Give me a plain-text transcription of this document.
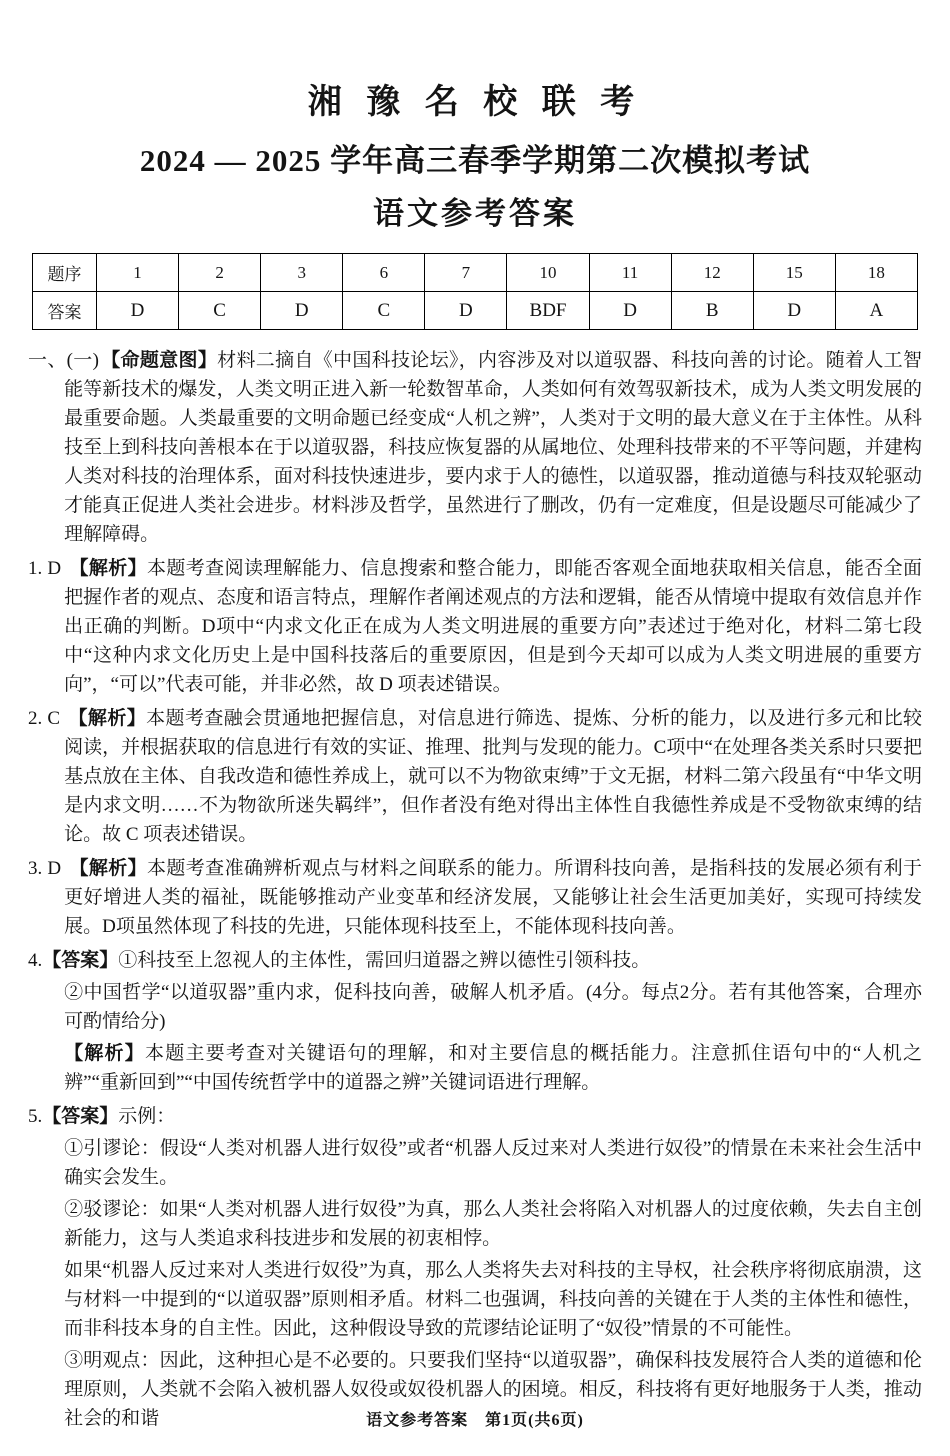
湘 豫 名 校 联 考
2024 — 2025 学年高三春季学期第二次模拟考试
语文参考答案
题序	1	2	3	6	7	10	11	12	15	18
答案	D	C	D	C	D	BDF	D	B	D	A
一、(一) 【命题意图】材料二摘自《中国科技论坛》，内容涉及对以道驭器、科技向善的讨论。随着人工智能等新技术的爆发，人类文明正进入新一轮数智革命，人类如何有效驾驭新技术，成为人类文明发展的最重要命题。人类最重要的文明命题已经变成“人机之辨”，人类对于文明的最大意义在于主体性。从科技至上到科技向善根本在于以道驭器，科技应恢复器的从属地位、处理科技带来的不平等问题，并建构人类对科技的治理体系，面对科技快速进步，要内求于人的德性，以道驭器，推动道德与科技双轮驱动才能真正促进人类社会进步。材料涉及哲学，虽然进行了删改，仍有一定难度，但是设题尽可能减少了理解障碍。
1. D 【解析】本题考查阅读理解能力、信息搜索和整合能力，即能否客观全面地获取相关信息，能否全面把握作者的观点、态度和语言特点，理解作者阐述观点的方法和逻辑，能否从情境中提取有效信息并作出正确的判断。D项中“内求文化正在成为人类文明进展的重要方向”表述过于绝对化，材料二第七段中“这种内求文化历史上是中国科技落后的重要原因，但是到今天却可以成为人类文明进展的重要方向”，“可以”代表可能，并非必然，故 D 项表述错误。
2. C 【解析】本题考查融会贯通地把握信息，对信息进行筛选、提炼、分析的能力，以及进行多元和比较阅读，并根据获取的信息进行有效的实证、推理、批判与发现的能力。C项中“在处理各类关系时只要把基点放在主体、自我改造和德性养成上，就可以不为物欲束缚”于文无据，材料二第六段虽有“中华文明是内求文明……不为物欲所迷失羁绊”，但作者没有绝对得出主体性自我德性养成是不受物欲束缚的结论。故 C 项表述错误。
3. D 【解析】本题考查准确辨析观点与材料之间联系的能力。所谓科技向善，是指科技的发展必须有利于更好增进人类的福祉，既能够推动产业变革和经济发展，又能够让社会生活更加美好，实现可持续发展。D项虽然体现了科技的先进，只能体现科技至上，不能体现科技向善。
4.【答案】①科技至上忽视人的主体性，需回归道器之辨以德性引领科技。
②中国哲学“以道驭器”重内求，促科技向善，破解人机矛盾。(4分。每点2分。若有其他答案，合理亦可酌情给分)
【解析】本题主要考查对关键语句的理解，和对主要信息的概括能力。注意抓住语句中的“人机之辨”“重新回到”“中国传统哲学中的道器之辨”关键词语进行理解。
5.【答案】示例：
①引谬论：假设“人类对机器人进行奴役”或者“机器人反过来对人类进行奴役”的情景在未来社会生活中确实会发生。
②驳谬论：如果“人类对机器人进行奴役”为真，那么人类社会将陷入对机器人的过度依赖，失去自主创新能力，这与人类追求科技进步和发展的初衷相悖。
如果“机器人反过来对人类进行奴役”为真，那么人类将失去对科技的主导权，社会秩序将彻底崩溃，这与材料一中提到的“以道驭器”原则相矛盾。材料二也强调，科技向善的关键在于人类的主体性和德性，而非科技本身的自主性。因此，这种假设导致的荒谬结论证明了“奴役”情景的不可能性。
③明观点：因此，这种担心是不必要的。只要我们坚持“以道驭器”，确保科技发展符合人类的道德和伦理原则，人类就不会陷入被机器人奴役或奴役机器人的困境。相反，科技将有更好地服务于人类，推动社会的和谐	语文参考答案　第1页(共6页)
